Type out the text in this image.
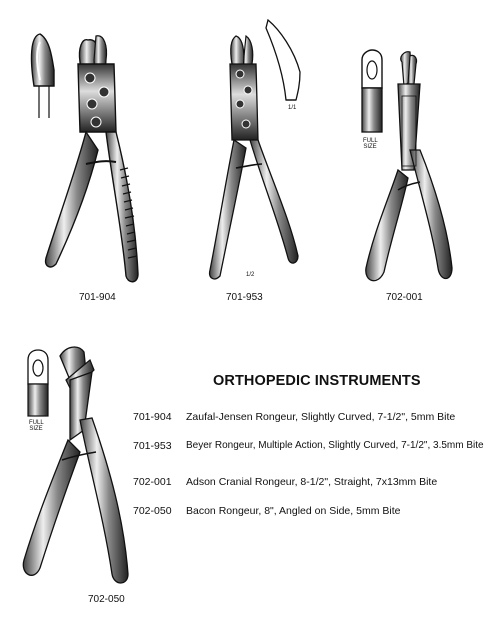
701-904	701-953
1/2
1/1
702-001
FULL SIZE
FULL SIZE
702-050
ORTHOPEDIC INSTRUMENTS
701-904 Zaufal-Jensen Rongeur, Slightly Curved, 7-1/2", 5mm Bite
701-953 Beyer Rongeur, Multiple Action, Slightly Curved, 7-1/2", 3.5mm Bite
702-001 Adson Cranial Rongeur, 8-1/2", Straight, 7x13mm Bite
702-050 Bacon Rongeur, 8", Angled on Side, 5mm Bite
